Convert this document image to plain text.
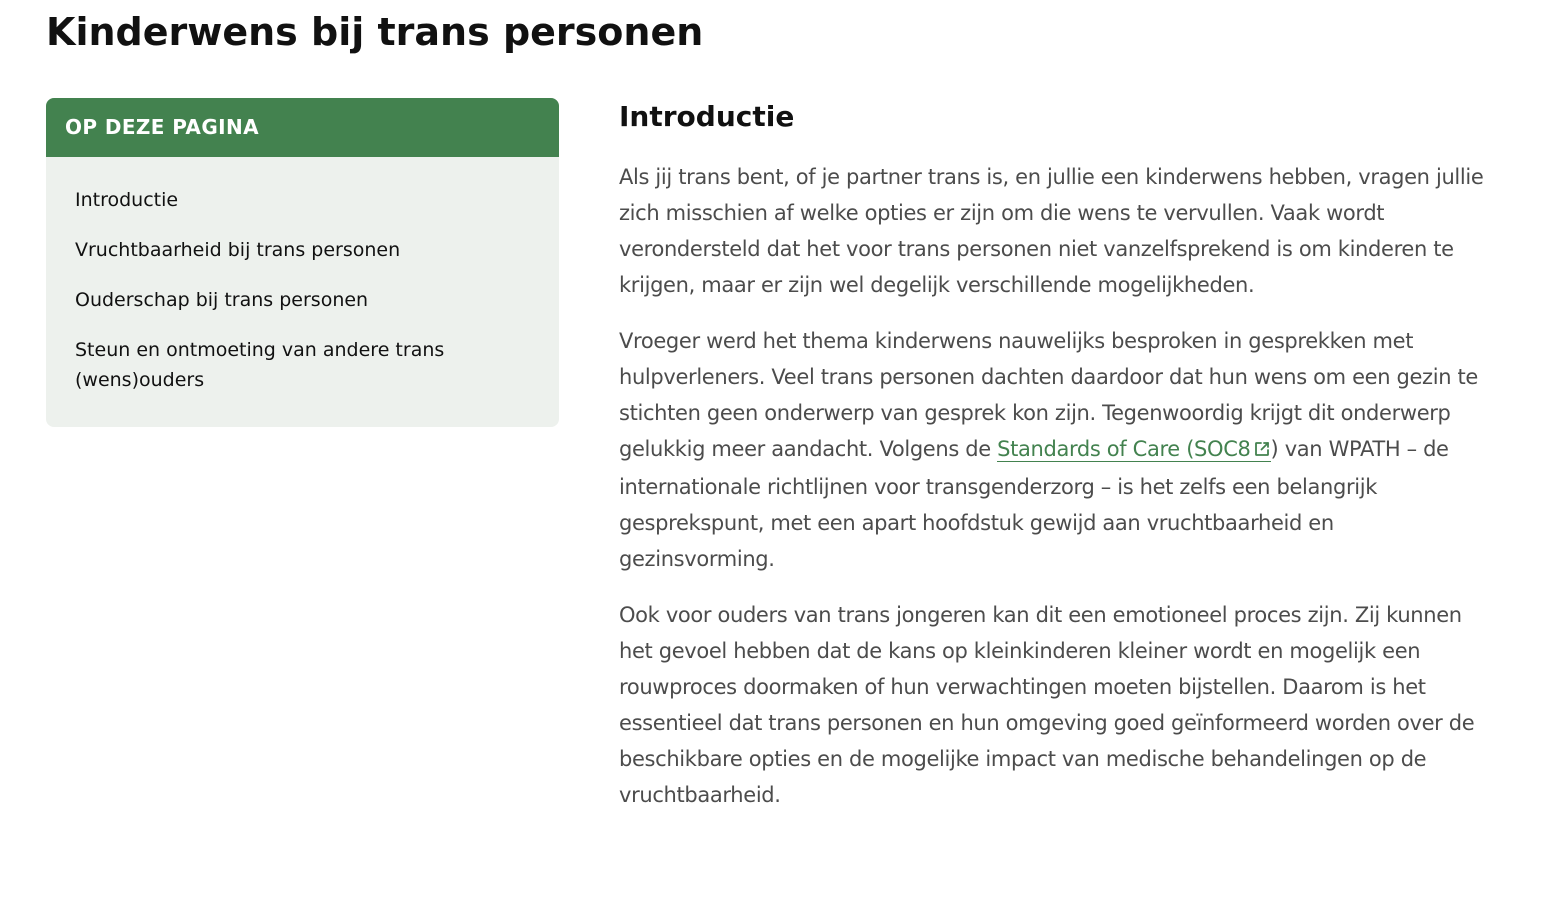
Kinderwens bij trans personen
OP DEZE PAGINA
Introductie
Vruchtbaarheid bij trans personen
Ouderschap bij trans personen
Steun en ontmoeting van andere trans (wens)ouders
Introductie

Als jij trans bent, of je partner trans is, en jullie een kinderwens hebben, vragen jullie zich misschien af welke opties er zijn om die wens te vervullen. Vaak wordt verondersteld dat het voor trans personen niet vanzelfsprekend is om kinderen te krijgen, maar er zijn wel degelijk verschillende mogelijkheden.

Vroeger werd het thema kinderwens nauwelijks besproken in gesprekken met hulpverleners. Veel trans personen dachten daardoor dat hun wens om een gezin te stichten geen onderwerp van gesprek kon zijn. Tegenwoordig krijgt dit onderwerp gelukkig meer aandacht. Volgens de Standards of Care (SOC8 ) van WPATH – de internationale richtlijnen voor transgenderzorg – is het zelfs een belangrijk gesprekspunt, met een apart hoofdstuk gewijd aan vruchtbaarheid en gezinsvorming.

Ook voor ouders van trans jongeren kan dit een emotioneel proces zijn. Zij kunnen het gevoel hebben dat de kans op kleinkinderen kleiner wordt en mogelijk een rouwproces doormaken of hun verwachtingen moeten bijstellen. Daarom is het essentieel dat trans personen en hun omgeving goed geïnformeerd worden over de beschikbare opties en de mogelijke impact van medische behandelingen op de vruchtbaarheid.
